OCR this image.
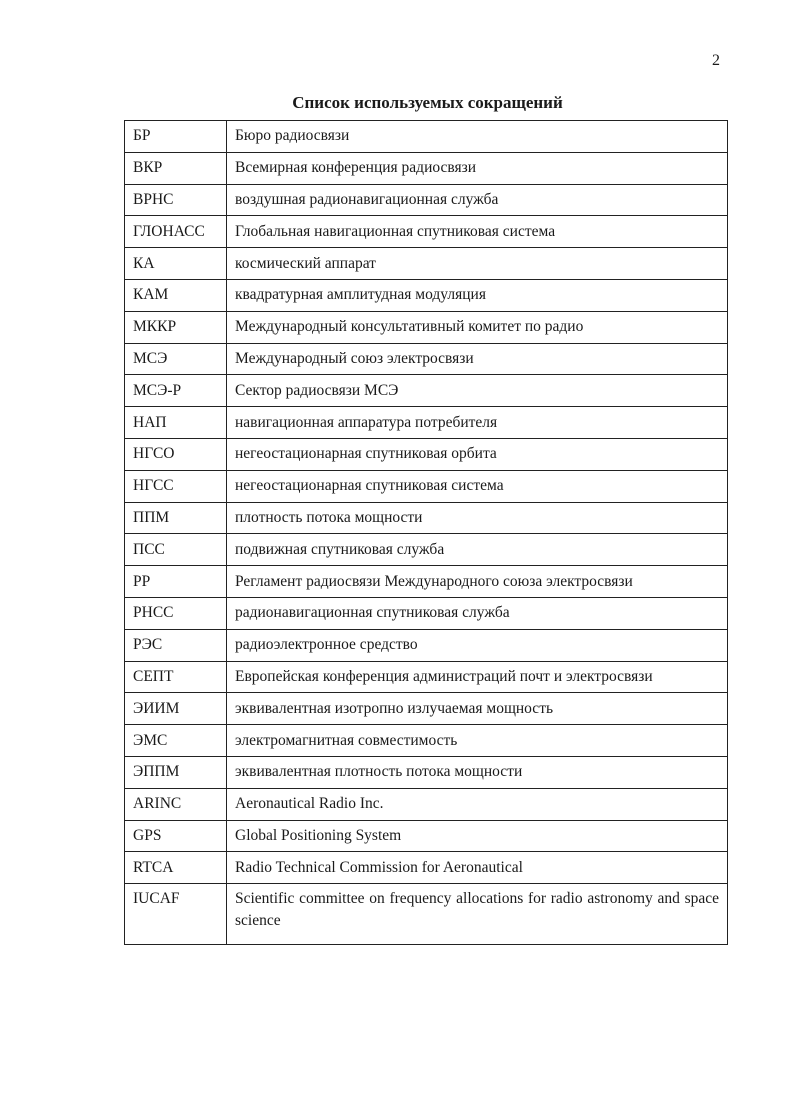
2
Список используемых сокращений
БР	Бюро радиосвязи
ВКР	Всемирная конференция радиосвязи
ВРНС	воздушная радионавигационная служба
ГЛОНАСС	Глобальная навигационная спутниковая система
КА	космический аппарат
КАМ	квадратурная амплитудная модуляция
МККР	Международный консультативный комитет по радио
МСЭ	Международный союз электросвязи
МСЭ-Р	Сектор радиосвязи МСЭ
НАП	навигационная аппаратура потребителя
НГСО	негеостационарная спутниковая орбита
НГСС	негеостационарная спутниковая система
ППМ	плотность потока мощности
ПСС	подвижная спутниковая служба
РР	Регламент радиосвязи Международного союза электросвязи
РНСС	радионавигационная спутниковая служба
РЭС	радиоэлектронное средство
СЕПТ	Европейская конференция администраций почт и электросвязи
ЭИИМ	эквивалентная изотропно излучаемая мощность
ЭМС	электромагнитная совместимость
ЭППМ	эквивалентная плотность потока мощности
ARINC	Aeronautical Radio Inc.
GPS	Global Positioning System
RTCA	Radio Technical Commission for Aeronautical
IUCAF	Scientific committee on frequency allocations for radio astronomy and space science
